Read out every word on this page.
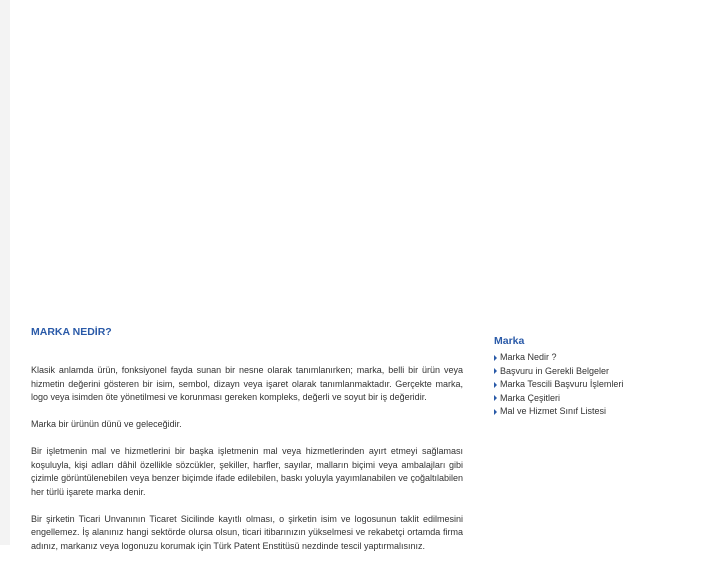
MARKA NEDİR?

Klasik anlamda ürün, fonksiyonel fayda sunan bir nesne olarak tanımlanırken; marka, belli bir ürün veya hizmetin değerini gösteren bir isim, sembol, dizayn veya işaret olarak tanımlanmaktadır. Gerçekte marka, logo veya isimden öte yönetilmesi ve korunması gereken kompleks, değerli ve soyut bir iş değeridir.

Marka bir ürünün dünü ve geleceğidir.

Bir işletmenin mal ve hizmetlerini bir başka işletmenin mal veya hizmetlerinden ayırt etmeyi sağlaması koşuluyla, kişi adları dâhil özellikle sözcükler, şekiller, harfler, sayılar, malların biçimi veya ambalajları gibi çizimle görüntülenebilen veya benzer biçimde ifade edilebilen, baskı yoluyla yayımlanabilen ve çoğaltılabilen her türlü işarete marka denir.

Bir şirketin Ticari Unvanının Ticaret Sicilinde kayıtlı olması, o şirketin isim ve logosunun taklit edilmesini engellemez. İş alanınız hangi sektörde olursa olsun, ticari itibarınızın yükselmesi ve rekabetçi ortamda firma adınız, markanız veya logonuzu korumak için Türk Patent Enstitüsü nezdinde tescil yaptırmalısınız.

Marka
Marka Nedir ?
Başvuru in Gerekli Belgeler
Marka Tescili Başvuru İşlemleri
Marka Çeşitleri
Mal ve Hizmet Sınıf Listesi
